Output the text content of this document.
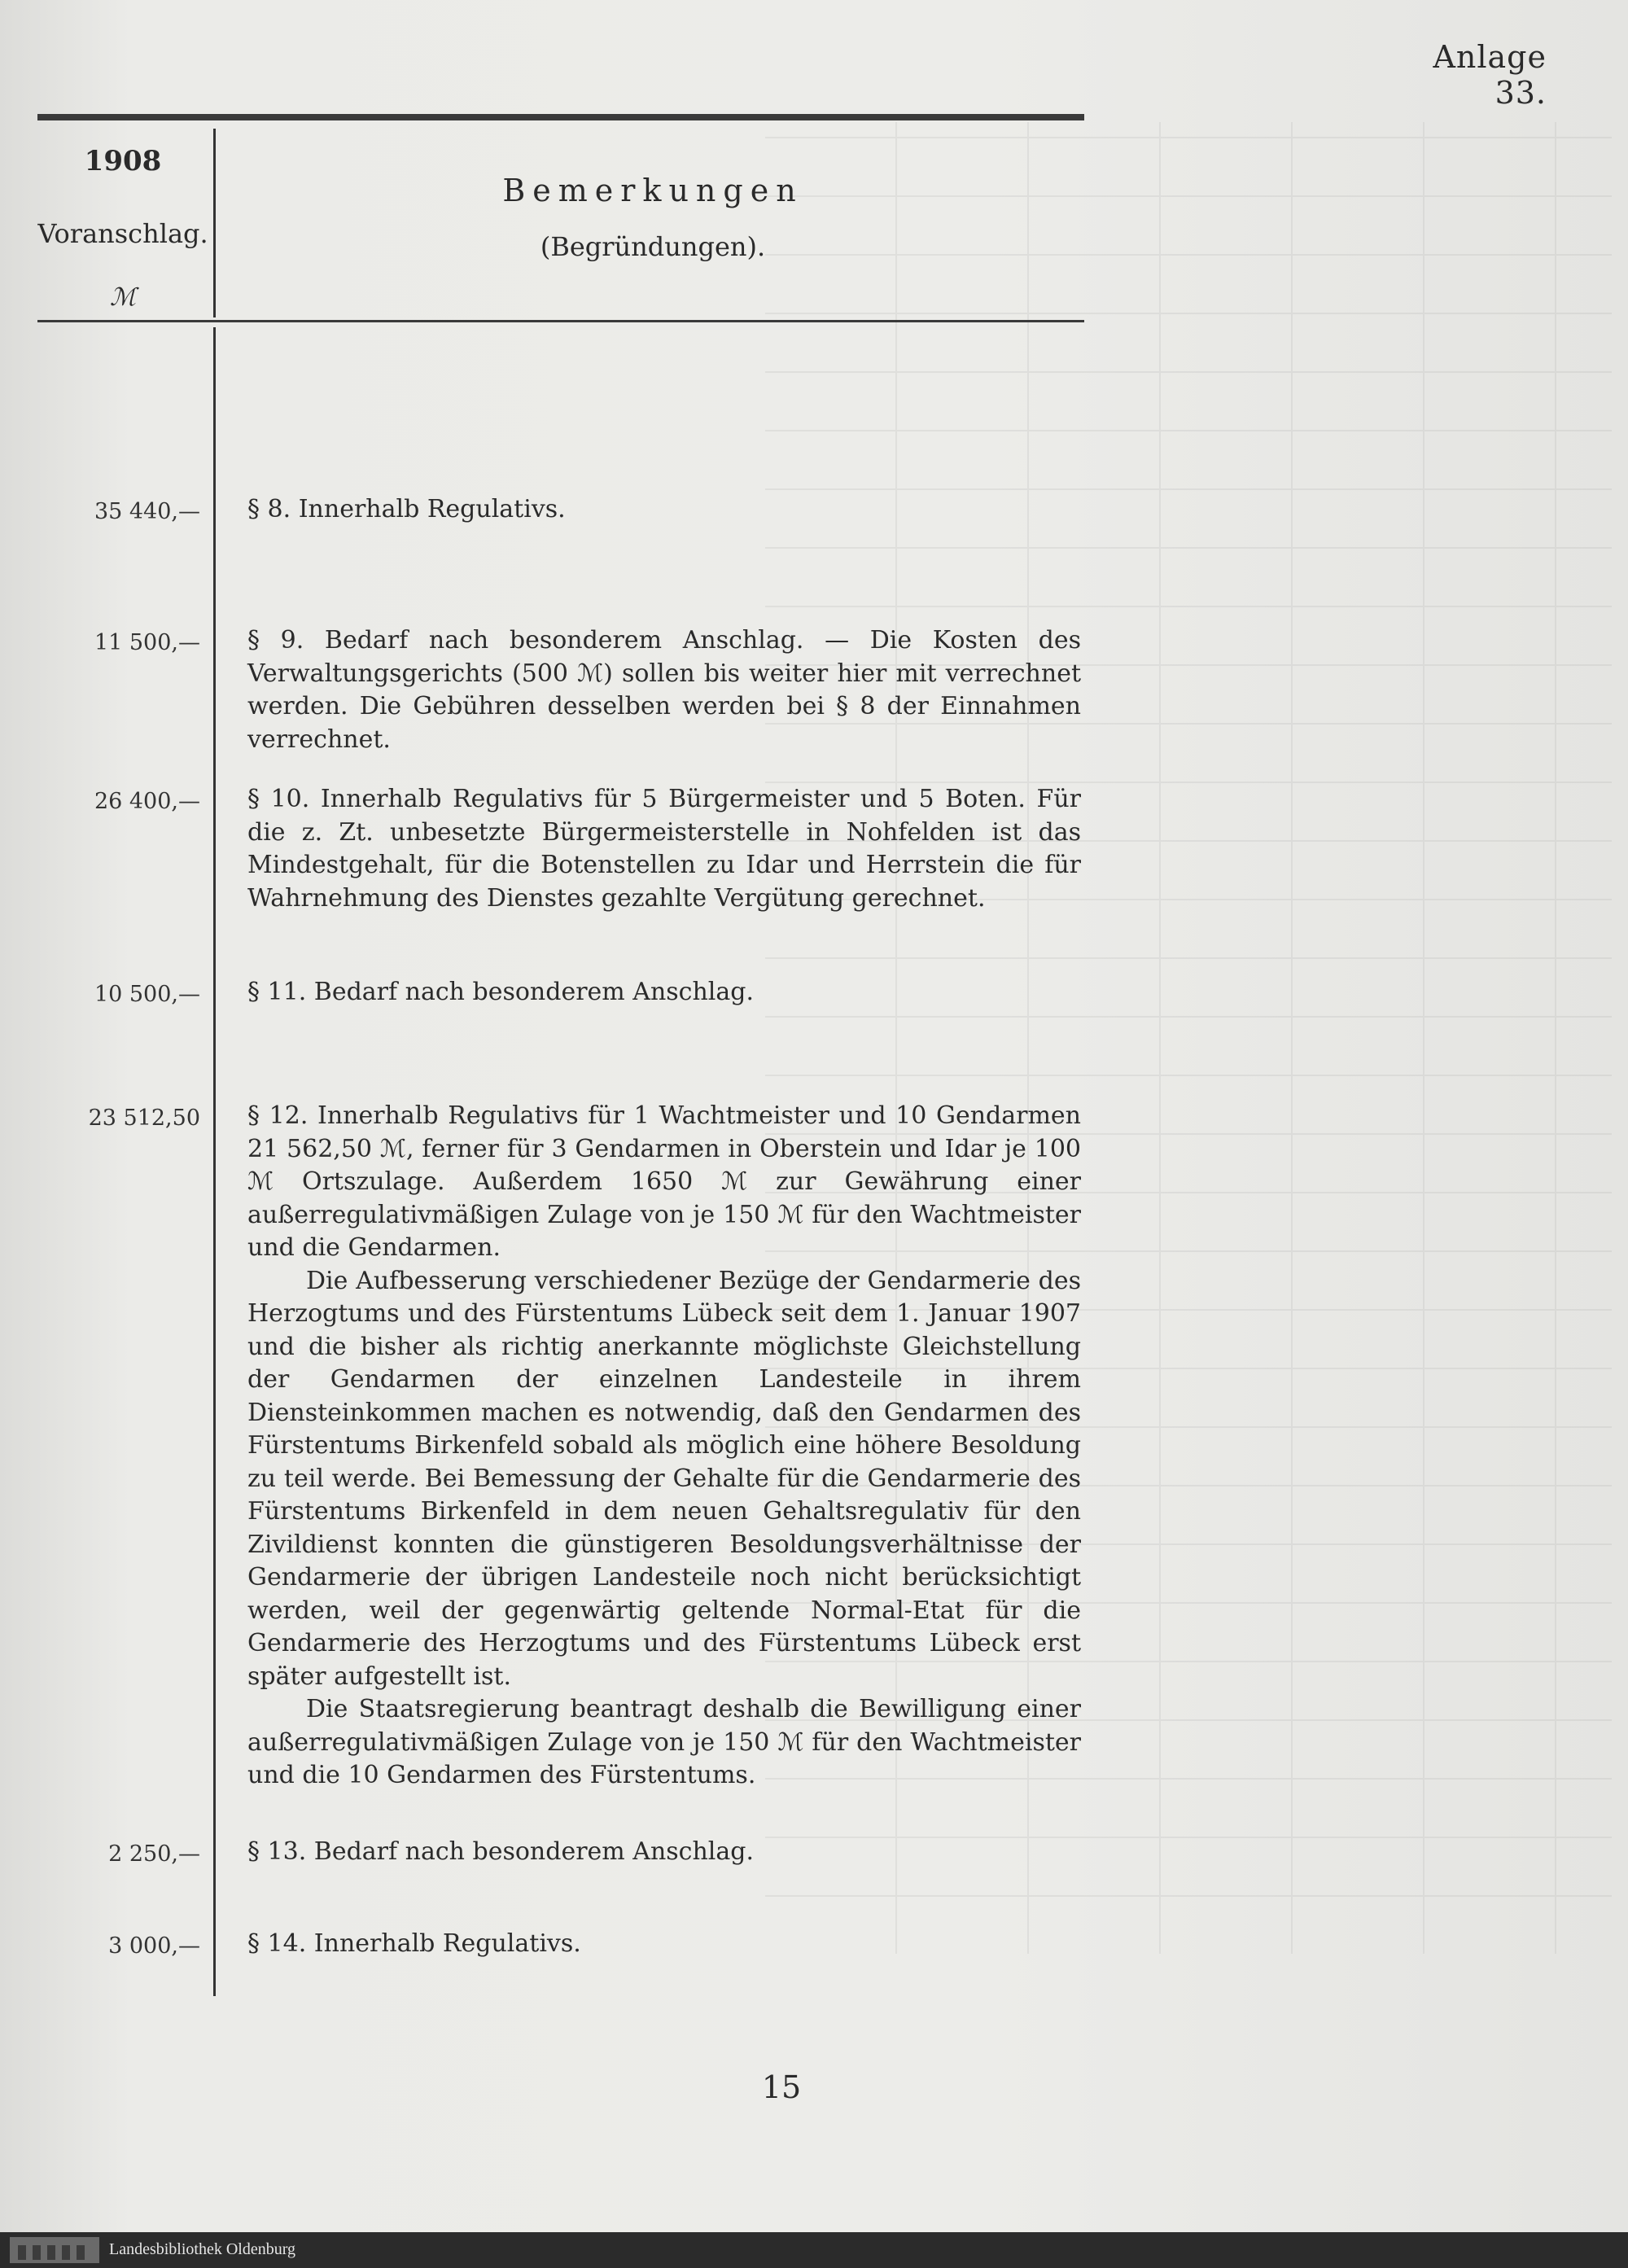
Anlage 33.
1908
Voranschlag.
ℳ
Bemerkungen
(Begründungen).
35 440,— § 8. Innerhalb Regulativs.

11 500,— § 9. Bedarf nach besonderem Anschlag. — Die Kosten des Verwaltungsgerichts (500 ℳ) sollen bis weiter hier mit verrechnet werden. Die Gebühren desselben werden bei § 8 der Einnahmen verrechnet.

26 400,— § 10. Innerhalb Regulativs für 5 Bürgermeister und 5 Boten. Für die z. Zt. unbesetzte Bürgermeisterstelle in Nohfelden ist das Mindestgehalt, für die Botenstellen zu Idar und Herrstein die für Wahrnehmung des Dienstes gezahlte Vergütung gerechnet.

10 500,— § 11. Bedarf nach besonderem Anschlag.

23 512,50 § 12. Innerhalb Regulativs für 1 Wachtmeister und 10 Gendarmen 21 562,50 ℳ, ferner für 3 Gendarmen in Oberstein und Idar je 100 ℳ Ortszulage. Außerdem 1650 ℳ zur Gewährung einer außerregulativmäßigen Zulage von je 150 ℳ für den Wachtmeister und die Gendarmen.
Die Aufbesserung verschiedener Bezüge der Gendarmerie des Herzogtums und des Fürstentums Lübeck seit dem 1. Januar 1907 und die bisher als richtig anerkannte möglichste Gleichstellung der Gendarmen der einzelnen Landesteile in ihrem Diensteinkommen machen es notwendig, daß den Gendarmen des Fürstentums Birkenfeld sobald als möglich eine höhere Besoldung zu teil werde. Bei Bemessung der Gehalte für die Gendarmerie des Fürstentums Birkenfeld in dem neuen Gehaltsregulativ für den Zivildienst konnten die günstigeren Besoldungsverhältnisse der Gendarmerie der übrigen Landesteile noch nicht berücksichtigt werden, weil der gegenwärtig geltende Normal-Etat für die Gendarmerie des Herzogtums und des Fürstentums Lübeck erst später aufgestellt ist.
Die Staatsregierung beantragt deshalb die Bewilligung einer außerregulativmäßigen Zulage von je 150 ℳ für den Wachtmeister und die 10 Gendarmen des Fürstentums.
2 250,— § 13. Bedarf nach besonderem Anschlag.

3 000,— § 14. Innerhalb Regulativs.

15
Landesbibliothek Oldenburg
